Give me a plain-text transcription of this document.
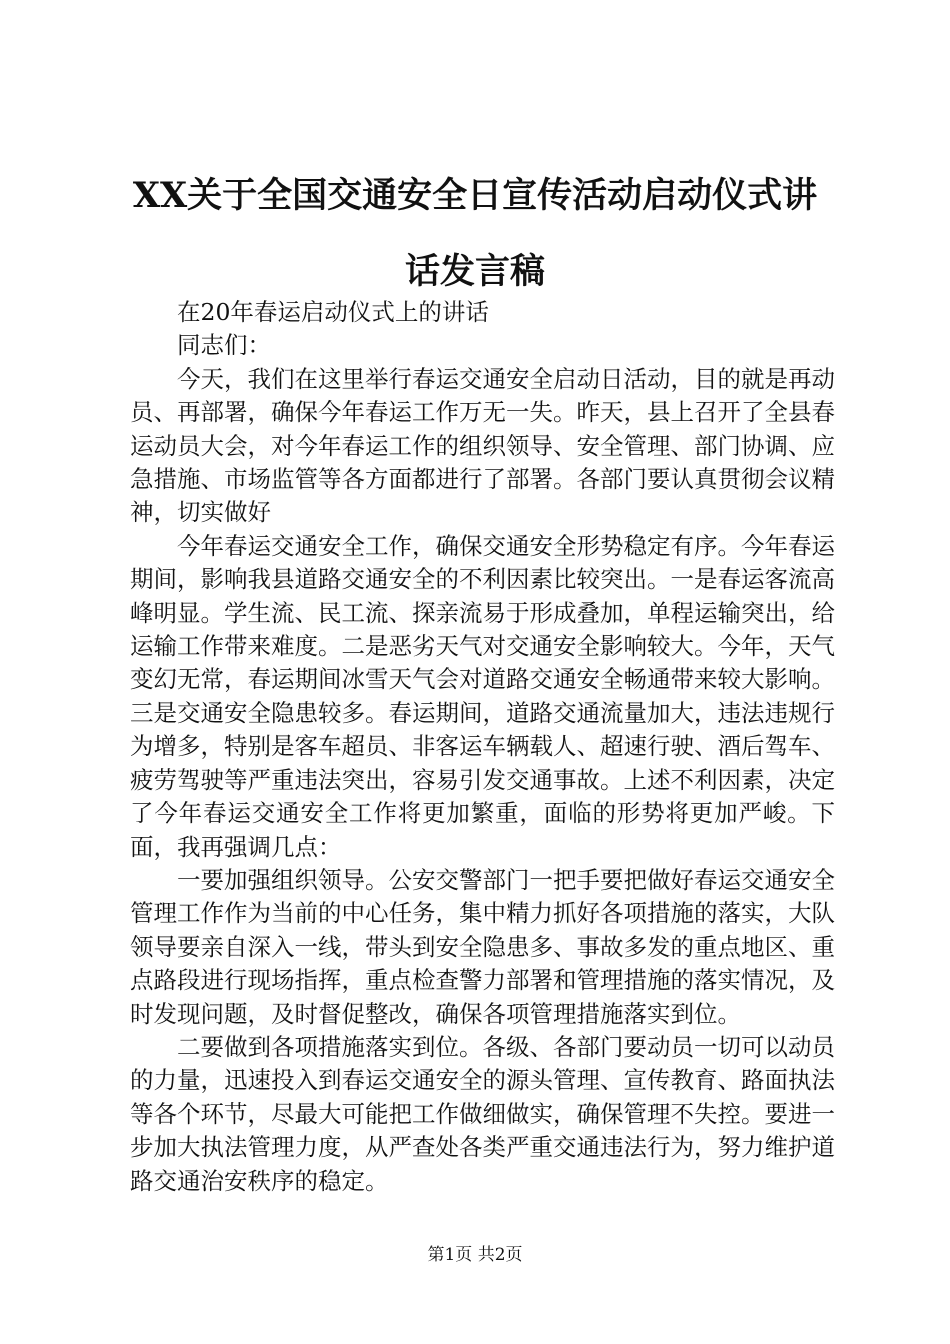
XX关于全国交通安全日宣传活动启动仪式讲
话发言稿

在20年春运启动仪式上的讲话

同志们：

今天，我们在这里举行春运交通安全启动日活动，目的就是再动员、再部署，确保今年春运工作万无一失。昨天，县上召开了全县春运动员大会，对今年春运工作的组织领导、安全管理、部门协调、应急措施、市场监管等各方面都进行了部署。各部门要认真贯彻会议精神，切实做好

今年春运交通安全工作，确保交通安全形势稳定有序。今年春运期间，影响我县道路交通安全的不利因素比较突出。一是春运客流高峰明显。学生流、民工流、探亲流易于形成叠加，单程运输突出，给运输工作带来难度。二是恶劣天气对交通安全影响较大。今年，天气变幻无常，春运期间冰雪天气会对道路交通安全畅通带来较大影响。三是交通安全隐患较多。春运期间，道路交通流量加大，违法违规行为增多，特别是客车超员、非客运车辆载人、超速行驶、酒后驾车、疲劳驾驶等严重违法突出，容易引发交通事故。上述不利因素，决定了今年春运交通安全工作将更加繁重，面临的形势将更加严峻。下面，我再强调几点：

一要加强组织领导。公安交警部门一把手要把做好春运交通安全管理工作作为当前的中心任务，集中精力抓好各项措施的落实，大队领导要亲自深入一线，带头到安全隐患多、事故多发的重点地区、重点路段进行现场指挥，重点检查警力部署和管理措施的落实情况，及时发现问题，及时督促整改，确保各项管理措施落实到位。

二要做到各项措施落实到位。各级、各部门要动员一切可以动员的力量，迅速投入到春运交通安全的源头管理、宣传教育、路面执法等各个环节，尽最大可能把工作做细做实，确保管理不失控。要进一步加大执法管理力度，从严查处各类严重交通违法行为，努力维护道路交通治安秩序的稳定。

第1页 共2页
